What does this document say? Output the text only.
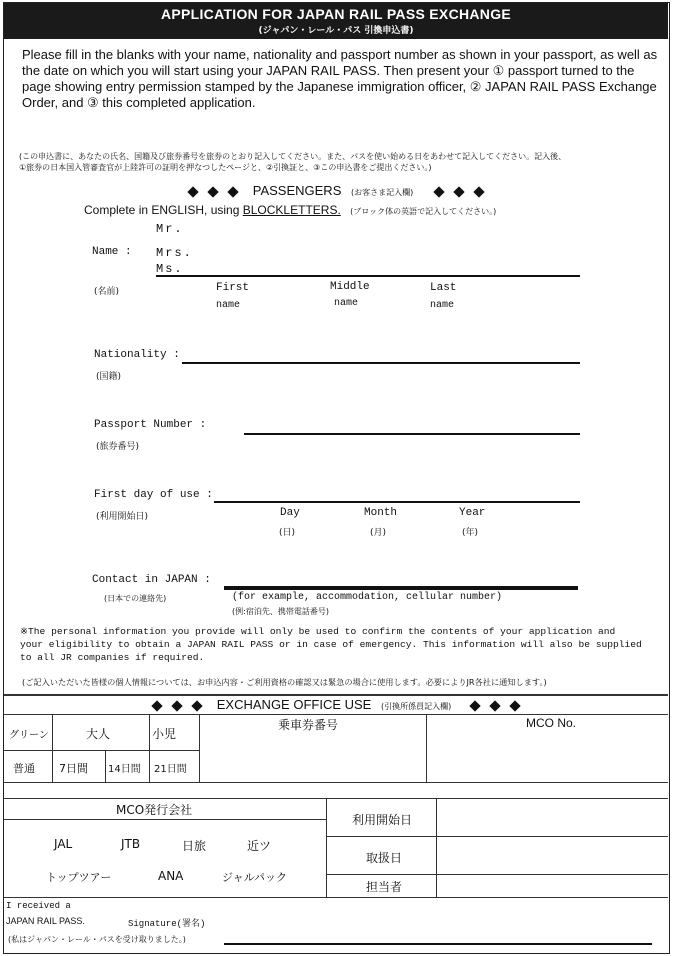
APPLICATION FOR JAPAN RAIL PASS EXCHANGE
(ジャパン・レール・パス 引換申込書)
Please fill in the blanks with your name, nationality and passport number as shown in your passport, as well as the date on which you will start using your JAPAN RAIL PASS. Then present your ① passport turned to the page showing entry permission stamped by the Japanese immigration officer, ② JAPAN RAIL PASS Exchange Order, and ③ this completed application.
(この申込書に、あなたの氏名、国籍及び旅券番号を旅券のとおり記入してください。また、パスを使い始める日をあわせて記入してください。記入後、
①旅券の日本国入管審査官が上陸許可の証明を押なつしたページと、②引換証と、③この申込書をご提出ください。)
PASSENGERS (お客さま記入欄)
Complete in ENGLISH, using BLOCKLETTERS. (ブロック体の英語で記入してください。)
Mr.
Name : Mrs.
Ms.
(名前)	First
name
Middle
name
Last
name
Nationality :
(国籍)
Passport Number :
(旅券番号)
First day of use :
(利用開始日)	Day
(日)
Month
(月)
Year
(年)
Contact in JAPAN :
(日本での連絡先)	(for example, accommodation, cellular number)
(例:宿泊先、携帯電話番号)
※The personal information you provide will only be used to confirm the contents of your application and
your eligibility to obtain a JAPAN RAIL PASS or in case of emergency. This information will also be supplied
to all JR companies if required.
(ご記入いただいた皆様の個人情報については、お申込内容・ご利用資格の確認又は緊急の場合に使用します。必要によりJR各社に通知します。)
EXCHANGE OFFICE USE (引換所係員記入欄)
グリーン	大人	小児
乗車券番号	MCO No.
普通 7日間 14日間 21日間
MCO発行会社
JAL	JTB	日旅	近ツ
トップツアー	ANA	ジャルパック
利用開始日
取扱日
担当者
I received a
JAPAN RAIL PASS.	Signature(署名)
(私はジャパン・レール・パスを受け取りました。)
